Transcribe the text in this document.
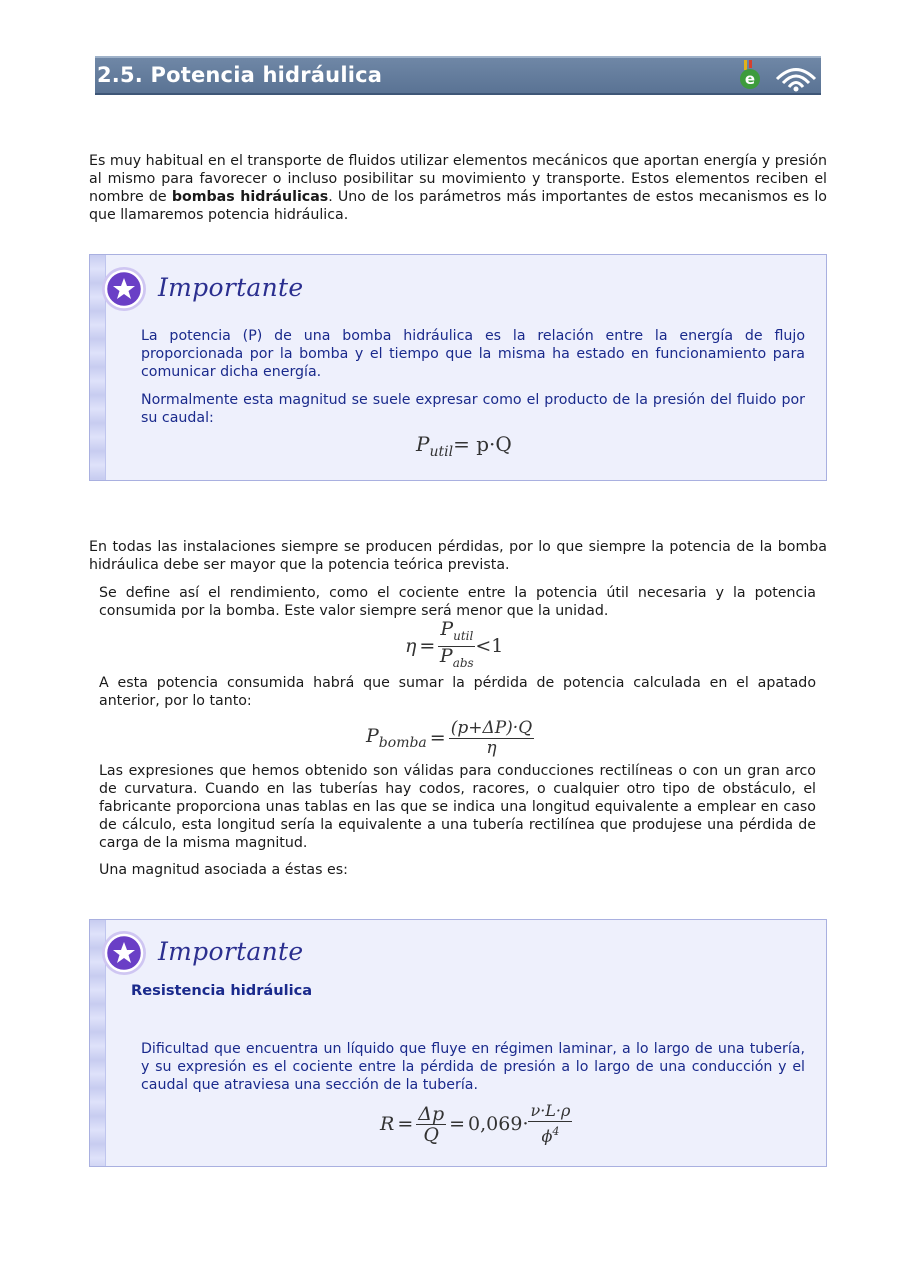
2.5. Potencia hidráulica	e

Es muy habitual en el transporte de fluidos utilizar elementos mecánicos que aportan energía y presión al mismo para favorecer o incluso posibilitar su movimiento y transporte. Estos elementos reciben el nombre de bombas hidráulicas. Uno de los parámetros más importantes de estos mecanismos es lo que llamaremos potencia hidráulica.

Importante

La potencia (P) de una bomba hidráulica es la relación entre la energía de flujo proporcionada por la bomba y el tiempo que la misma ha estado en funcionamiento para comunicar dicha energía.

Normalmente esta magnitud se suele expresar como el producto de la presión del fluido por su caudal:

$P_{util}= p\cdot Q$

En todas las instalaciones siempre se producen pérdidas, por lo que siempre la potencia de la bomba hidráulica debe ser mayor que la potencia teórica prevista.

Se define así el rendimiento, como el cociente entre la potencia útil necesaria y la potencia consumida por la bomba. Este valor siempre será menor que la unidad.

η =
$P_{util}$
$P_{abs}$
<1

A esta potencia consumida habrá que sumar la pérdida de potencia calculada en el apatado anterior, por lo tanto:

$P_{bomba} = \frac{(p+\Delta P)\cdot Q}{\eta}$

Las expresiones que hemos obtenido son válidas para conducciones rectilíneas o con un gran arco de curvatura. Cuando en las tuberías hay codos, racores, o cualquier otro tipo de obstáculo, el fabricante proporciona unas tablas en las que se indica una longitud equivalente a emplear en caso de cálculo, esta longitud sería la equivalente a una tubería rectilínea que produjese una pérdida de carga de la misma magnitud.

Una magnitud asociada a éstas es:

Importante
Resistencia hidráulica

Dificultad que encuentra un líquido que fluye en régimen laminar, a lo largo de una tubería, y su expresión es el cociente entre la pérdida de presión a lo largo de una conducción y el caudal que atraviesa una sección de la tubería.

$R = \frac{\Delta p}{Q} = 0,069\cdot$
ν·L·ρ
$\phi^4$
